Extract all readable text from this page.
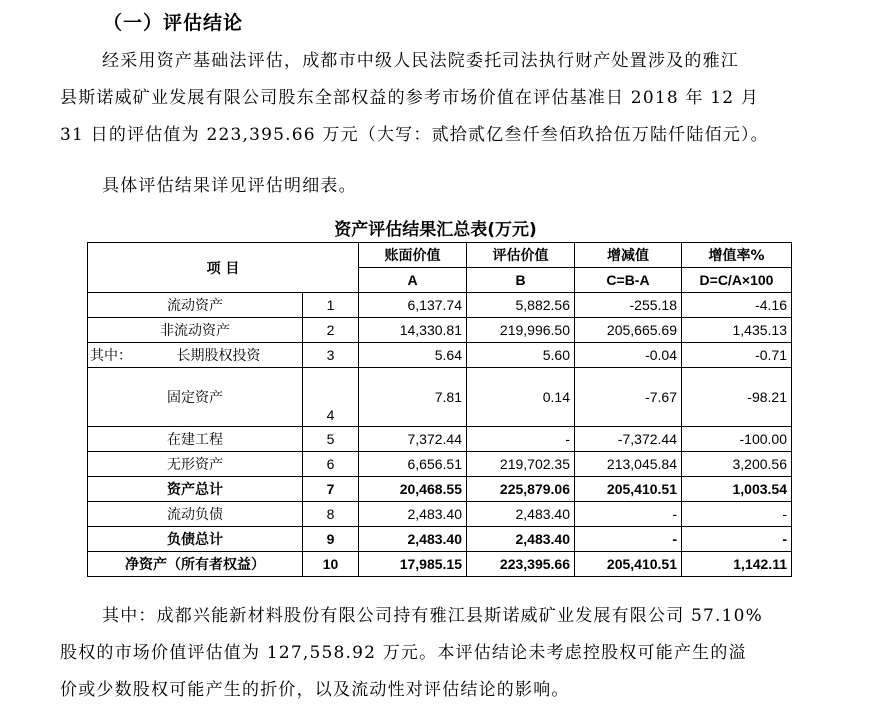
（一）评估结论
经采用资产基础法评估，成都市中级人民法院委托司法执行财产处置涉及的雅江
县斯诺威矿业发展有限公司股东全部权益的参考市场价值在评估基准日 2018 年 12 月
31 日的评估值为 223,395.66 万元（大写：贰拾贰亿叁仟叁佰玖拾伍万陆仟陆佰元）。
具体评估结果详见评估明细表。
资产评估结果汇总表(万元)
项 目		账面价值	评估价值	增减值	增值率%
		A	B	C=B-A	D=C/A×100
流动资产	1	6,137.74	5,882.56	-255.18	-4.16
非流动资产	2	14,330.81	219,996.50	205,665.69	1,435.13
其中： 长期股权投资	3	5.64	5.60	-0.04	-0.71
固定资产	4	7.81	0.14	-7.67	-98.21
在建工程	5	7,372.44	-	-7,372.44	-100.00
无形资产	6	6,656.51	219,702.35	213,045.84	3,200.56
资产总计	7	20,468.55	225,879.06	205,410.51	1,003.54
流动负债	8	2,483.40	2,483.40	-	-
负债总计	9	2,483.40	2,483.40	-	-
净资产（所有者权益）	10	17,985.15	223,395.66	205,410.51	1,142.11
其中：成都兴能新材料股份有限公司持有雅江县斯诺威矿业发展有限公司 57.10%
股权的市场价值评估值为 127,558.92 万元。本评估结论未考虑控股权可能产生的溢
价或少数股权可能产生的折价，以及流动性对评估结论的影响。
